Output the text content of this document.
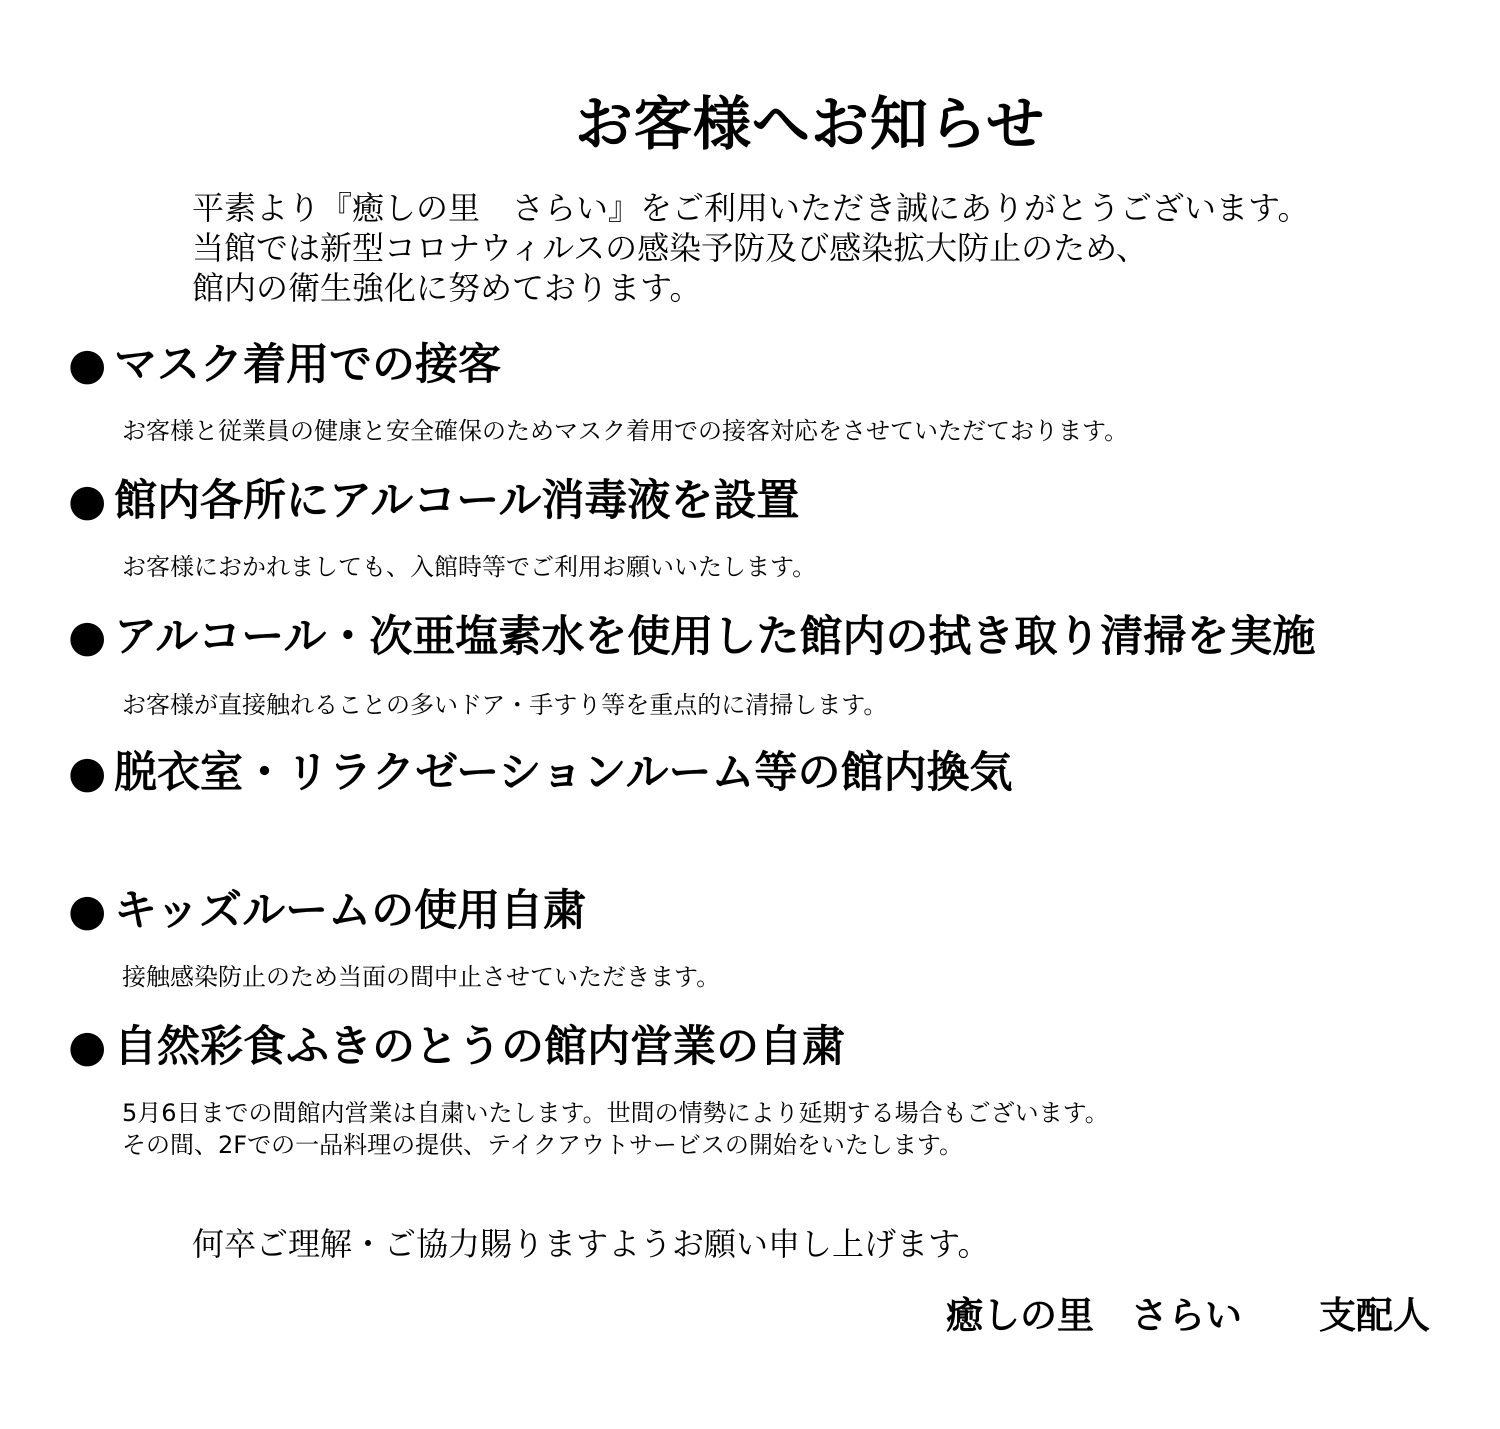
お客様へお知らせ
平素より『癒しの里　さらい』をご利用いただき誠にありがとうございます。
当館では新型コロナウィルスの感染予防及び感染拡大防止のため、
館内の衛生強化に努めております。
● マスク着用での接客
お客様と従業員の健康と安全確保のためマスク着用での接客対応をさせていただております。
● 館内各所にアルコール消毒液を設置
お客様におかれましても、入館時等でご利用お願いいたします。
● アルコール・次亜塩素水を使用した館内の拭き取り清掃を実施
お客様が直接触れることの多いドア・手すり等を重点的に清掃します。
● 脱衣室・リラクゼーションルーム等の館内換気
● キッズルームの使用自粛
接触感染防止のため当面の間中止させていただきます。
● 自然彩食ふきのとうの館内営業の自粛
5月6日までの間館内営業は自粛いたします。世間の情勢により延期する場合もございます。
その間、2Fでの一品料理の提供、テイクアウトサービスの開始をいたします。

何卒ご理解・ご協力賜りますようお願い申し上げます。

癒しの里　さらい 支配人
